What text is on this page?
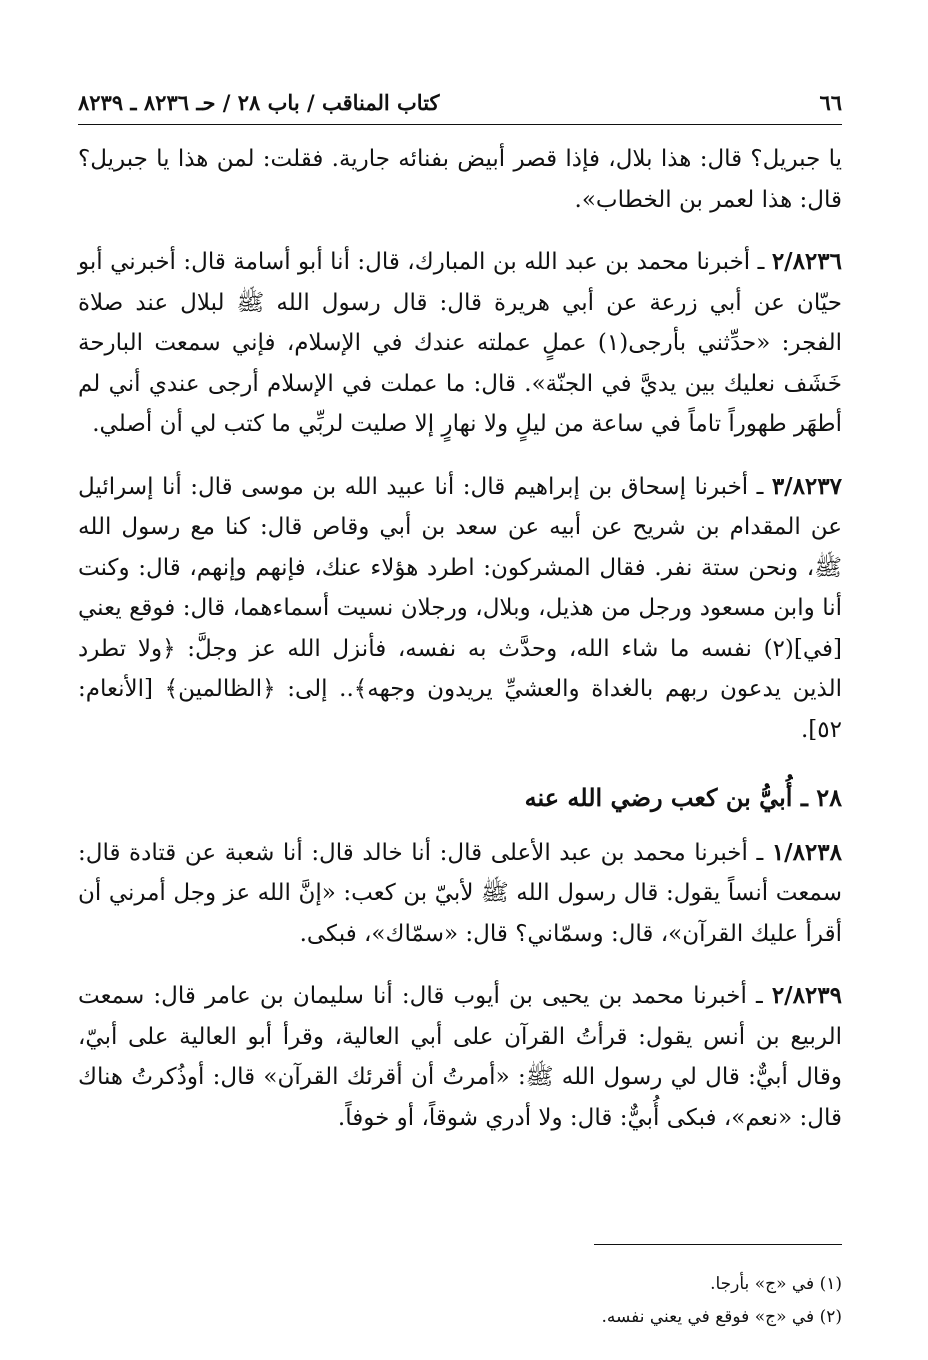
٦٦
كتاب المناقب / باب ٢٨ / حـ ٨٢٣٦ ـ ٨٢٣٩

يا جبريل؟ قال: هذا بلال، فإذا قصر أبيض بفنائه جارية. فقلت: لمن هذا يا جبريل؟ قال: هذا لعمر بن الخطاب».

٢/٨٢٣٦ ـ أخبرنا محمد بن عبد الله بن المبارك، قال: أنا أبو أسامة قال: أخبرني أبو حيّان عن أبي زرعة عن أبي هريرة قال: قال رسول الله ﷺ لبلال عند صلاة الفجر: «حدِّثني بأرجى(١) عملٍ عملته عندك في الإسلام، فإني سمعت البارحة خَشَف نعليك بين يديَّ في الجنّة». قال: ما عملت في الإسلام أرجى عندي أني لم أطهَر طهوراً تاماً في ساعة من ليلٍ ولا نهارٍ إلا صليت لربِّي ما كتب لي أن أصلي.

٣/٨٢٣٧ ـ أخبرنا إسحاق بن إبراهيم قال: أنا عبيد الله بن موسى قال: أنا إسرائيل عن المقدام بن شريح عن أبيه عن سعد بن أبي وقاص قال: كنا مع رسول الله ﷺ، ونحن ستة نفر. فقال المشركون: اطرد هؤلاء عنك، فإنهم وإنهم، قال: وكنت أنا وابن مسعود ورجل من هذيل، وبلال، ورجلان نسيت أسماءهما، قال: فوقع يعني [في](٢) نفسه ما شاء الله، وحدَّث به نفسه، فأنزل الله عز وجلَّ: ﴿ولا تطرد الذين يدعون ربهم بالغداة والعشيِّ يريدون وجهه﴾.. إلى: ﴿الظالمين﴾ [الأنعام: ٥٢].

٢٨ ـ أُبيُّ بن كعب رضي الله عنه

١/٨٢٣٨ ـ أخبرنا محمد بن عبد الأعلى قال: أنا خالد قال: أنا شعبة عن قتادة قال: سمعت أنساً يقول: قال رسول الله ﷺ لأبيّ بن كعب: «إنَّ الله عز وجل أمرني أن أقرأ عليك القرآن»، قال: وسمّاني؟ قال: «سمّاك»، فبكى.

٢/٨٢٣٩ ـ أخبرنا محمد بن يحيى بن أيوب قال: أنا سليمان بن عامر قال: سمعت الربيع بن أنس يقول: قرأتُ القرآن على أبي العالية، وقرأ أبو العالية على أبيّ، وقال أبيٌّ: قال لي رسول الله ﷺ: «أمرتُ أن أقرئك القرآن» قال: أوذُكرتُ هناك قال: «نعم»، فبكى أُبيٌّ: قال: ولا أدري شوقاً، أو خوفاً.

(١) في «ج» بأرجا.
(٢) في «ج» فوقع في يعني نفسه.
